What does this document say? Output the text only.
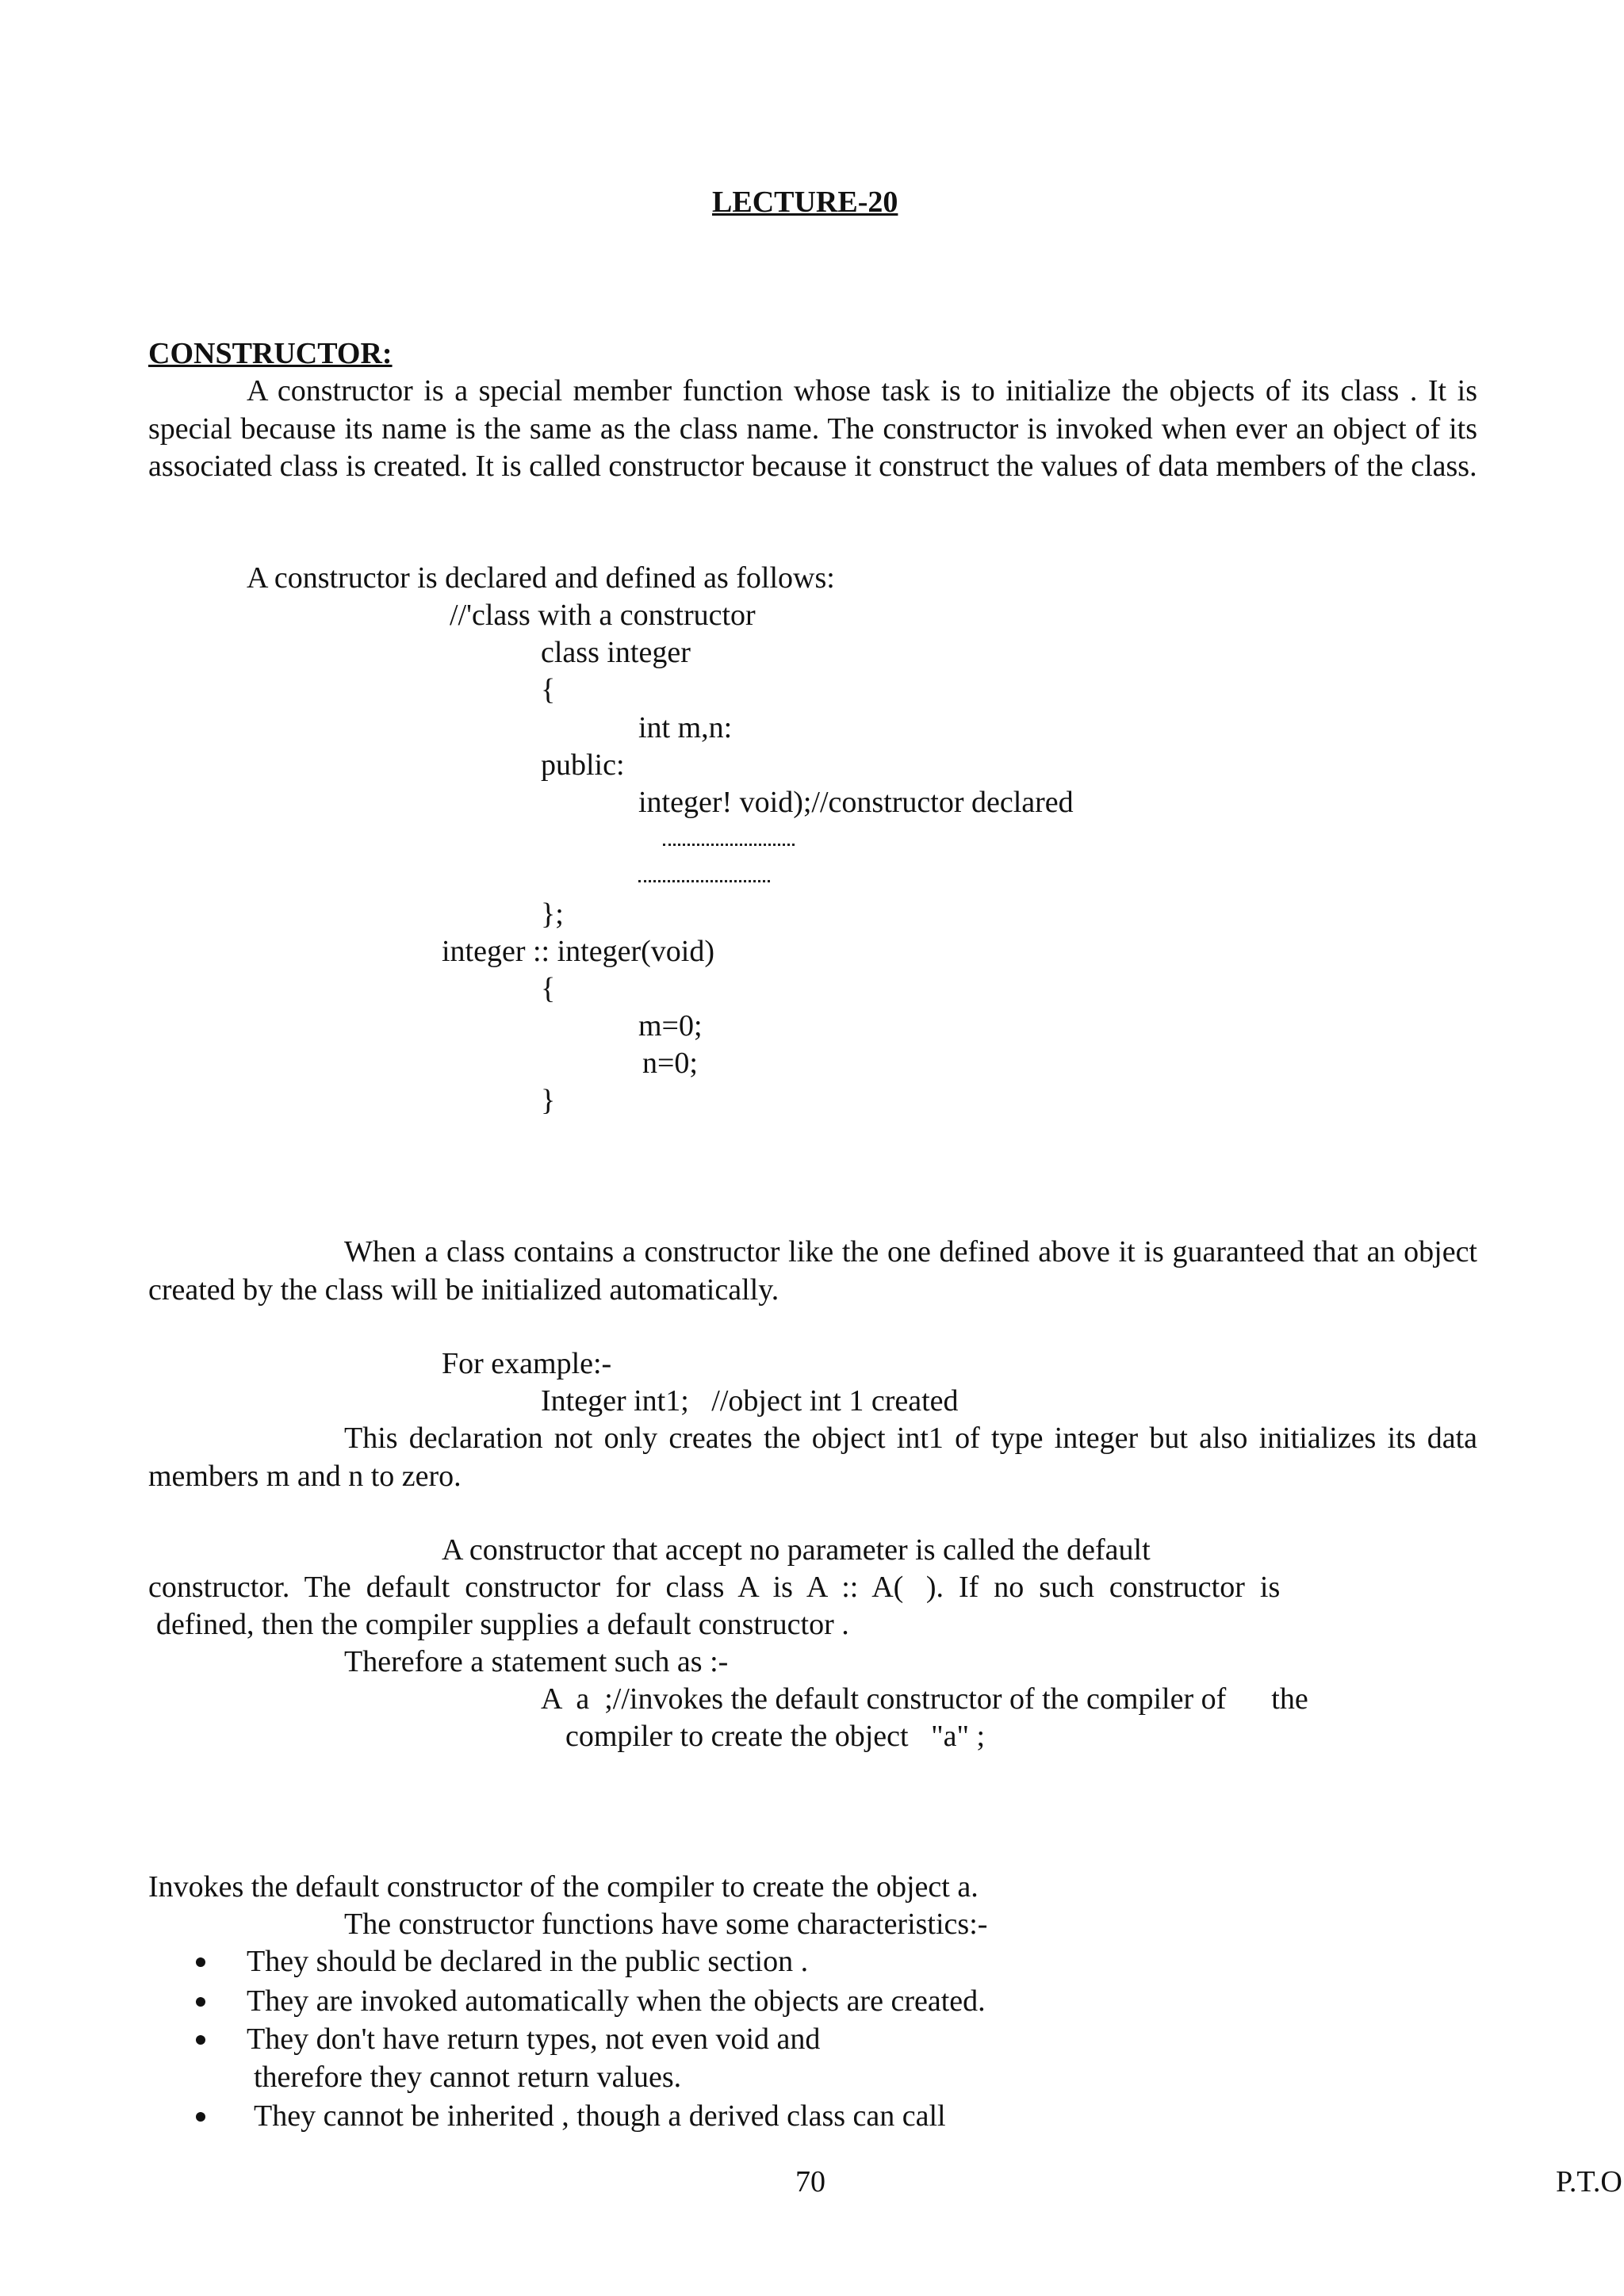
LECTURE-20
CONSTRUCTOR:
A constructor is a special member function whose task is to initialize the objects of its class . It is special because its name is the same as the class name. The constructor is invoked when ever an object of its associated class is created. It is called constructor because it construct the values of data members of the class.
A constructor is declared and defined as follows:
//'class with a constructor
class integer
{
int m,n:
public:
integer! void);//constructor declared
};
integer :: integer(void)
{
m=0;
n=0;
}
When a class contains a constructor like the one defined above it is guaranteed that an object created by the class will be initialized automatically.
For example:-
Integer int1;   //object int 1 created
This declaration not only creates the object int1 of type integer but also initializes its data members m and n to zero.
A constructor that accept no parameter is called the default
constructor.  The  default  constructor  for  class  A  is  A  ::  A(   ).  If  no  such  constructor  is
defined, then the compiler supplies a default constructor .
Therefore a statement such as :-
A  a  ;//invokes the default constructor of the compiler of      the
compiler to create the object   "a" ;
Invokes the default constructor of the compiler to create the object a.
The constructor functions have some characteristics:-
They should be declared in the public section .
They are invoked automatically when the objects are created.
They don't have return types, not even void and
therefore they cannot return values.
They cannot be inherited , though a derived class can call
70	P.T.O
